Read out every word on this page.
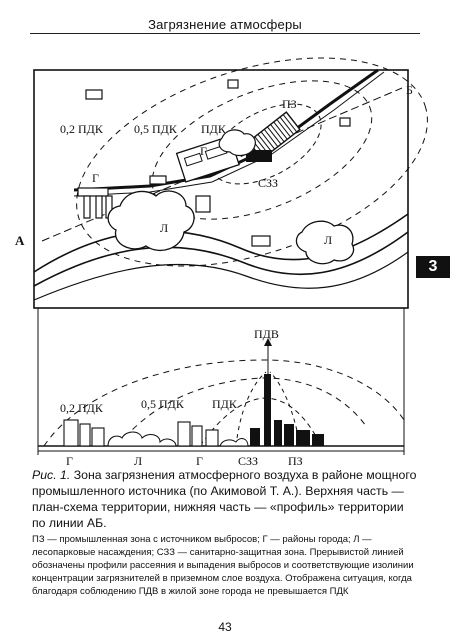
Загрязнение атмосферы
3
0,2 ПДК	0,5 ПДК ПДК
ПЗ
Г
Г
СЗЗ
Л
Л
А
Б
ПДВ
0,2 ПДК	0,5 ПДК ПДК
Г	Л	Г	СЗЗ ПЗ
Рис. 1. Зона загрязнения атмосферного воздуха в районе мощного промышленного источника (по Акимовой Т. А.). Верхняя часть — план-схема территории, нижняя часть — «профиль» территории по линии АБ.
ПЗ — промышленная зона с источником выбросов; Г — районы города; Л — лесопарковые насаждения; СЗЗ — санитарно-защитная зона. Прерывистой линией обозначены профили рассеяния и выпадения выбросов и соответствующие изолинии концентрации загрязнителей в приземном слое воздуха. Отображена ситуация, когда благодаря соблюдению ПДВ в жилой зоне города не превышается ПДК
43
